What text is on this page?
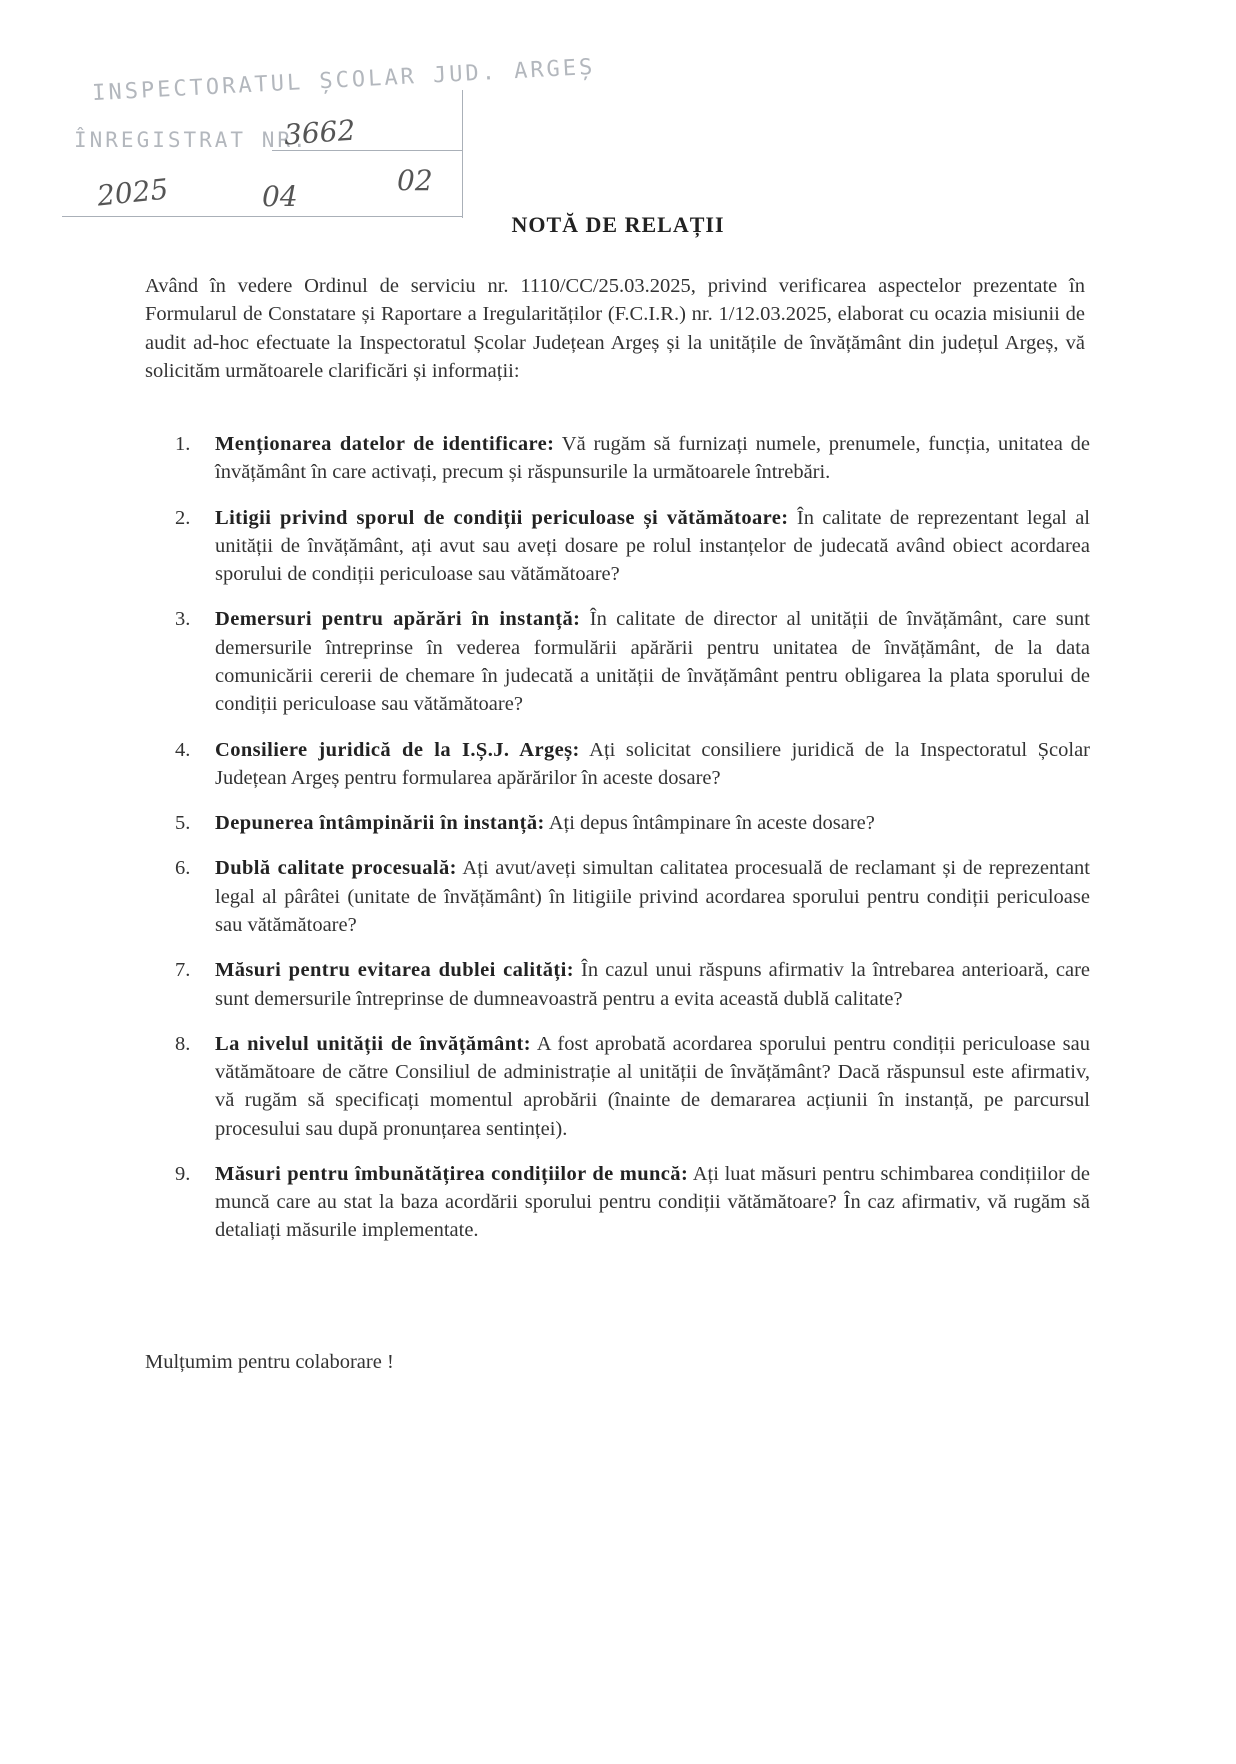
INSPECTORATUL ȘCOLAR JUD. ARGEȘ
ÎNREGISTRAT NR.
3662
2025	04	02
NOTĂ DE RELAȚII
Având în vedere Ordinul de serviciu nr. 1110/CC/25.03.2025, privind verificarea aspectelor prezentate în Formularul de Constatare și Raportare a Iregularităților (F.C.I.R.) nr. 1/12.03.2025, elaborat cu ocazia misiunii de audit ad-hoc efectuate la Inspectoratul Școlar Județean Argeș și la unitățile de învățământ din județul Argeș, vă solicităm următoarele clarificări și informații:
1. Menționarea datelor de identificare: Vă rugăm să furnizați numele, prenumele, funcția, unitatea de învățământ în care activați, precum și răspunsurile la următoarele întrebări.
2. Litigii privind sporul de condiții periculoase și vătămătoare: În calitate de reprezentant legal al unității de învățământ, ați avut sau aveți dosare pe rolul instanțelor de judecată având obiect acordarea sporului de condiții periculoase sau vătămătoare?
3. Demersuri pentru apărări în instanță: În calitate de director al unității de învățământ, care sunt demersurile întreprinse în vederea formulării apărării pentru unitatea de învățământ, de la data comunicării cererii de chemare în judecată a unității de învățământ pentru obligarea la plata sporului de condiții periculoase sau vătămătoare?
4. Consiliere juridică de la I.Ș.J. Argeș: Ați solicitat consiliere juridică de la Inspectoratul Școlar Județean Argeș pentru formularea apărărilor în aceste dosare?
5. Depunerea întâmpinării în instanță: Ați depus întâmpinare în aceste dosare?
6. Dublă calitate procesuală: Ați avut/aveți simultan calitatea procesuală de reclamant și de reprezentant legal al pârâtei (unitate de învățământ) în litigiile privind acordarea sporului pentru condiții periculoase sau vătămătoare?
7. Măsuri pentru evitarea dublei calități: În cazul unui răspuns afirmativ la întrebarea anterioară, care sunt demersurile întreprinse de dumneavoastră pentru a evita această dublă calitate?
8. La nivelul unității de învățământ: A fost aprobată acordarea sporului pentru condiții periculoase sau vătămătoare de către Consiliul de administrație al unității de învățământ? Dacă răspunsul este afirmativ, vă rugăm să specificați momentul aprobării (înainte de demararea acțiunii în instanță, pe parcursul procesului sau după pronunțarea sentinței).
9. Măsuri pentru îmbunătățirea condițiilor de muncă: Ați luat măsuri pentru schimbarea condițiilor de muncă care au stat la baza acordării sporului pentru condiții vătămătoare? În caz afirmativ, vă rugăm să detaliați măsurile implementate.
Mulțumim pentru colaborare !
